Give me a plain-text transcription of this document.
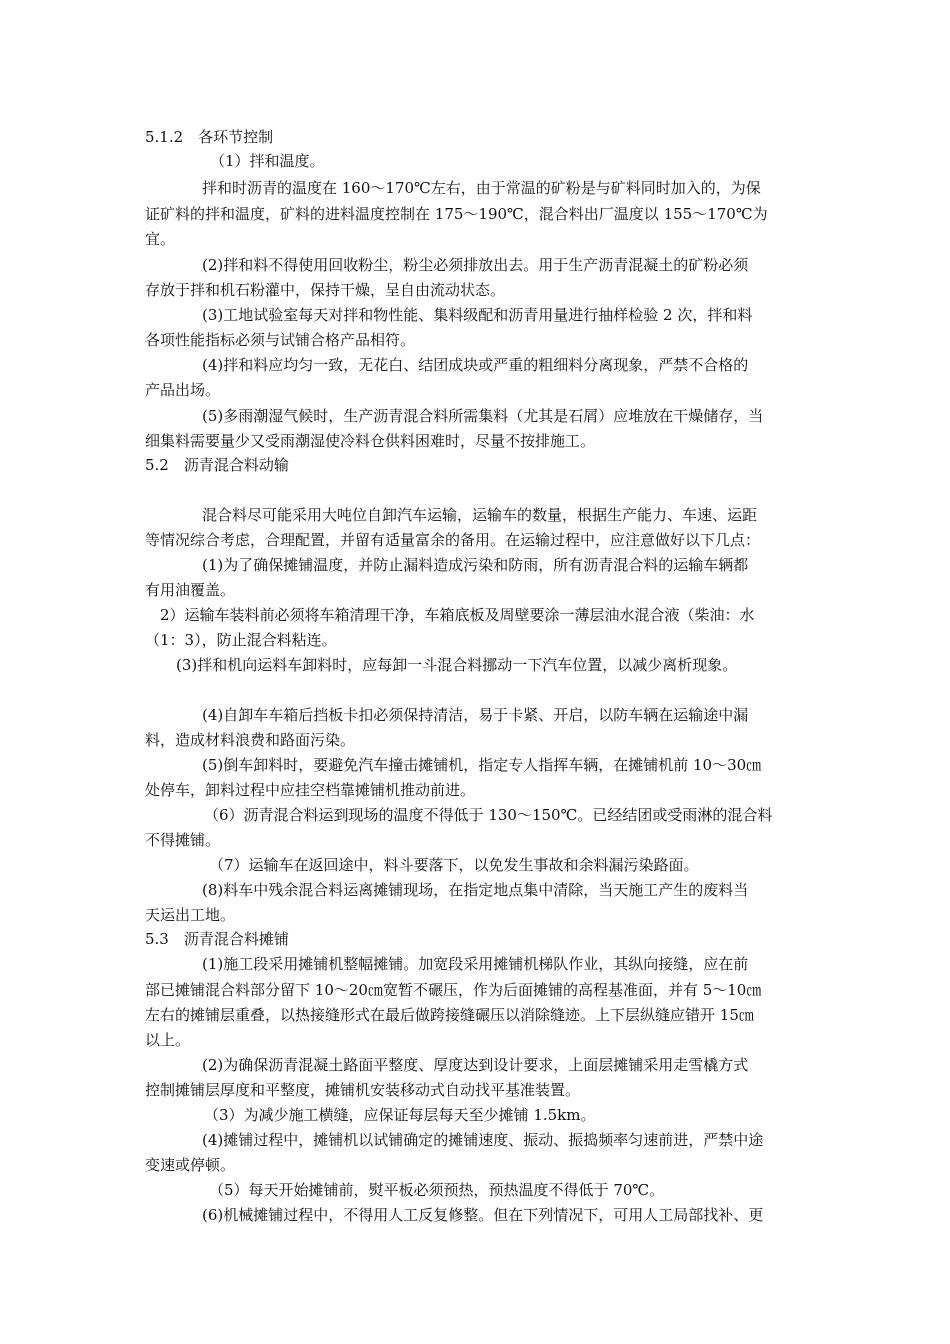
5.1.2　各环节控制
（1）拌和温度。
拌和时沥青的温度在 160～170℃左右，由于常温的矿粉是与矿料同时加入的，为保
证矿料的拌和温度，矿料的进料温度控制在 175～190℃，混合料出厂温度以 155～170℃为
宜。
(2)拌和料不得使用回收粉尘，粉尘必须排放出去。用于生产沥青混凝土的矿粉必须
存放于拌和机石粉灌中，保持干燥，呈自由流动状态。
(3)工地试验室每天对拌和物性能、集料级配和沥青用量进行抽样检验 2 次，拌和料
各项性能指标必须与试铺合格产品相符。
(4)拌和料应均匀一致，无花白、结团成块或严重的粗细料分离现象，严禁不合格的
产品出场。
(5)多雨潮湿气候时，生产沥青混合料所需集料（尤其是石屑）应堆放在干燥储存，当
细集料需要量少又受雨潮湿使冷料仓供料困难时，尽量不按排施工。
5.2　沥青混合料动输
混合料尽可能采用大吨位自卸汽车运输，运输车的数量，根据生产能力、车速、运距
等情况综合考虑，合理配置，并留有适量富余的备用。在运输过程中，应注意做好以下几点：
(1)为了确保摊铺温度，并防止漏料造成污染和防雨，所有沥青混合料的运输车辆都
有用油覆盖。
2）运输车装料前必须将车箱清理干净，车箱底板及周壁要涂一薄层油水混合液（柴油：水
（1：3），防止混合料粘连。
(3)拌和机向运料车卸料时，应每卸一斗混合料挪动一下汽车位置，以减少离析现象。
(4)自卸车车箱后挡板卡扣必须保持清洁，易于卡紧、开启，以防车辆在运输途中漏
料，造成材料浪费和路面污染。
(5)倒车卸料时，要避免汽车撞击摊铺机，指定专人指挥车辆，在摊铺机前 10～30㎝
处停车，卸料过程中应挂空档靠摊铺机推动前进。
（6）沥青混合料运到现场的温度不得低于 130～150℃。已经结团或受雨淋的混合料
不得摊铺。
（7）运输车在返回途中，料斗要落下，以免发生事故和余料漏污染路面。
(8)料车中残余混合料运离摊铺现场，在指定地点集中清除，当天施工产生的废料当
天运出工地。
5.3　沥青混合料摊铺
(1)施工段采用摊铺机整幅摊铺。加宽段采用摊铺机梯队作业，其纵向接缝，应在前
部已摊铺混合料部分留下 10～20㎝宽暂不碾压，作为后面摊铺的高程基准面，并有 5～10㎝
左右的摊铺层重叠，以热接缝形式在最后做跨接缝碾压以消除缝迹。上下层纵缝应错开 15㎝
以上。
(2)为确保沥青混凝土路面平整度、厚度达到设计要求，上面层摊铺采用走雪橇方式
控制摊铺层厚度和平整度，摊铺机安装移动式自动找平基准装置。
（3）为减少施工横缝，应保证每层每天至少摊铺 1.5km。
(4)摊铺过程中，摊铺机以试铺确定的摊铺速度、振动、振捣频率匀速前进，严禁中途
变速或停顿。
（5）每天开始摊铺前，熨平板必须预热，预热温度不得低于 70℃。
(6)机械摊铺过程中，不得用人工反复修整。但在下列情况下，可用人工局部找补、更
